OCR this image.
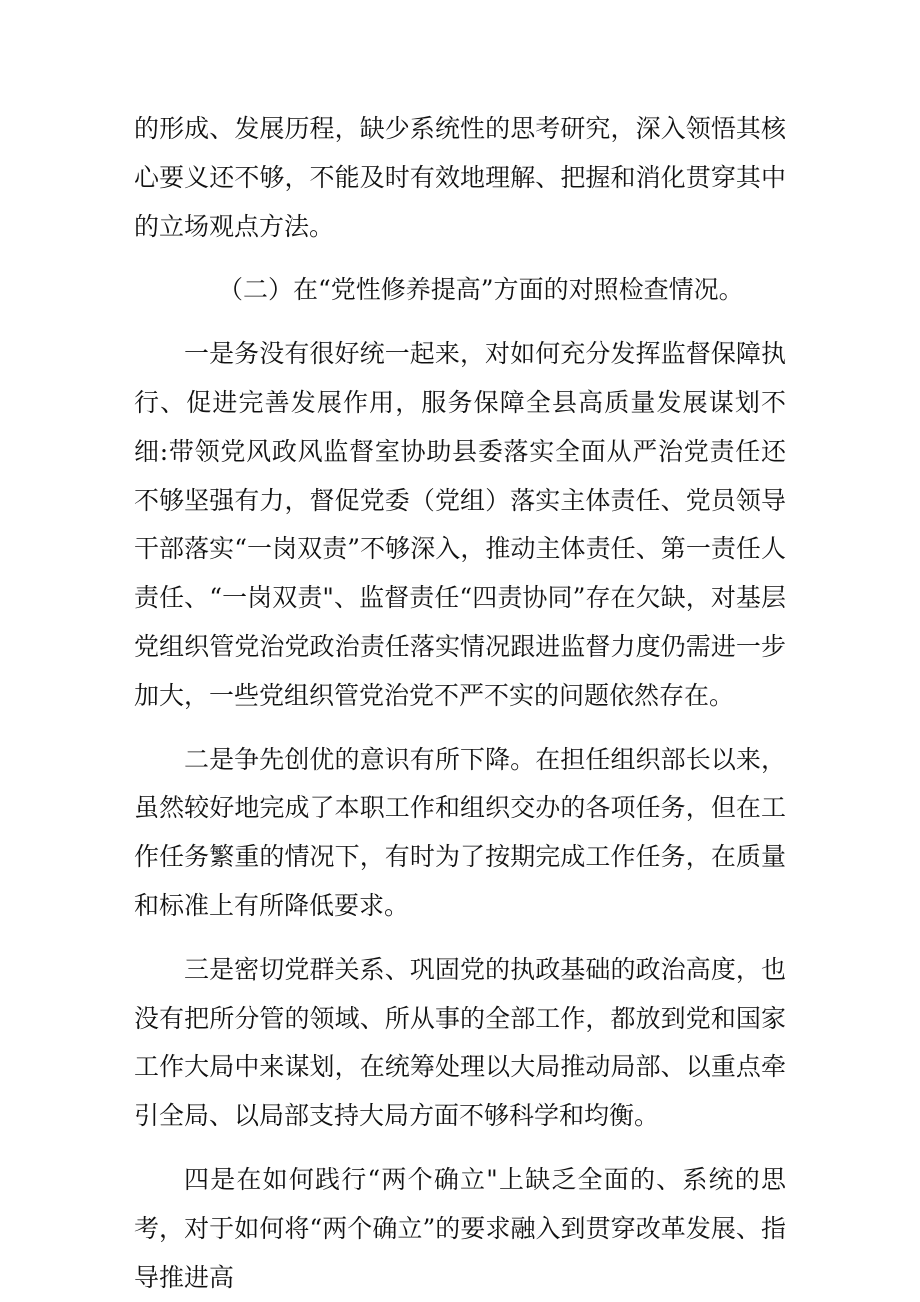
的形成、发展历程，缺少系统性的思考研究，深入领悟其核心要义还不够，不能及时有效地理解、把握和消化贯穿其中的立场观点方法。

（二）在“党性修养提高”方面的对照检查情况。

一是务没有很好统一起来，对如何充分发挥监督保障执行、促进完善发展作用，服务保障全县高质量发展谋划不细:带领党风政风监督室协助县委落实全面从严治党责任还不够坚强有力，督促党委（党组）落实主体责任、党员领导干部落实“一岗双责”不够深入，推动主体责任、第一责任人责任、“一岗双责"、监督责任“四责协同”存在欠缺，对基层党组织管党治党政治责任落实情况跟进监督力度仍需进一步加大，一些党组织管党治党不严不实的问题依然存在。

二是争先创优的意识有所下降。在担任组织部长以来，虽然较好地完成了本职工作和组织交办的各项任务，但在工作任务繁重的情况下，有时为了按期完成工作任务，在质量和标准上有所降低要求。

三是密切党群关系、巩固党的执政基础的政治高度，也没有把所分管的领域、所从事的全部工作，都放到党和国家工作大局中来谋划，在统筹处理以大局推动局部、以重点牵引全局、以局部支持大局方面不够科学和均衡。

四是在如何践行“两个确立"上缺乏全面的、系统的思考，对于如何将“两个确立”的要求融入到贯穿改革发展、指导推进高
